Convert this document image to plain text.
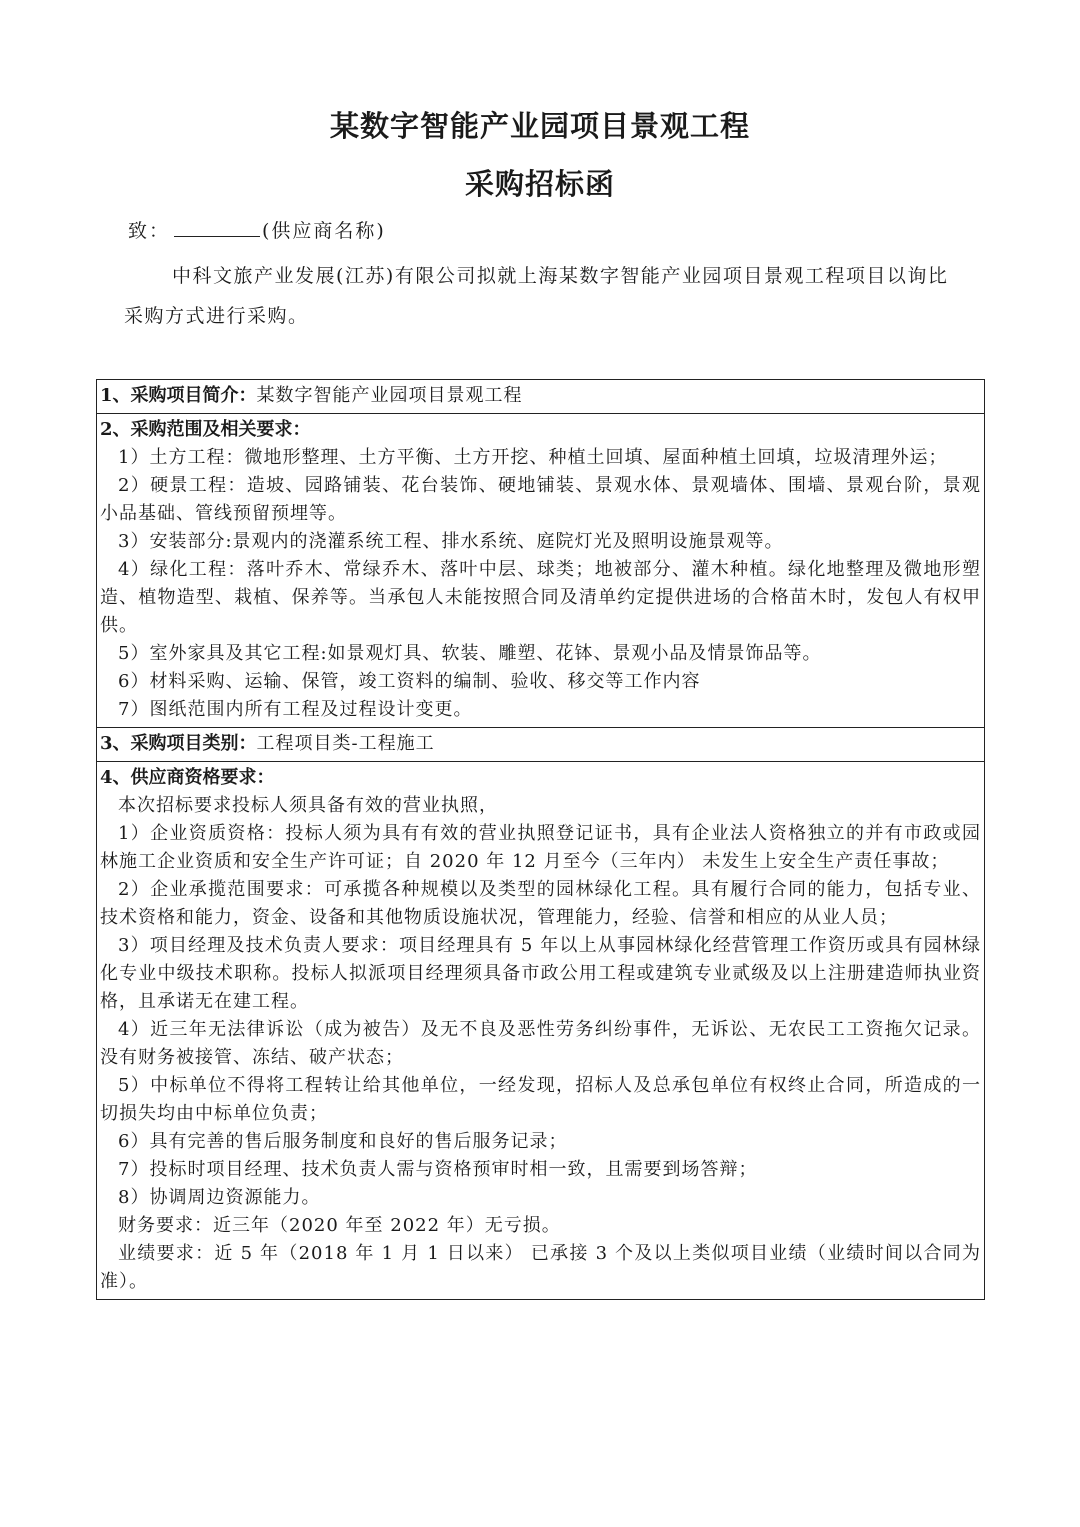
某数字智能产业园项目景观工程
采购招标函
致：	(供应商名称)

中科文旅产业发展(江苏)有限公司拟就上海某数字智能产业园项目景观工程项目以询比采购方式进行采购。

1、采购项目简介：某数字智能产业园项目景观工程
2、采购范围及相关要求：
1）土方工程：微地形整理、土方平衡、土方开挖、种植土回填、屋面种植土回填，垃圾清理外运；
2）硬景工程：造坡、园路铺装、花台装饰、硬地铺装、景观水体、景观墙体、围墙、景观台阶，景观小品基础、管线预留预埋等。
3）安装部分:景观内的浇灌系统工程、排水系统、庭院灯光及照明设施景观等。
4）绿化工程：落叶乔木、常绿乔木、落叶中层、球类；地被部分、灌木种植。绿化地整理及微地形塑造、植物造型、栽植、保养等。当承包人未能按照合同及清单约定提供进场的合格苗木时，发包人有权甲供。
5）室外家具及其它工程:如景观灯具、软装、雕塑、花钵、景观小品及情景饰品等。
6）材料采购、运输、保管，竣工资料的编制、验收、移交等工作内容
7）图纸范围内所有工程及过程设计变更。
3、采购项目类别：工程项目类-工程施工
4、供应商资格要求：
本次招标要求投标人须具备有效的营业执照，
1）企业资质资格：投标人须为具有有效的营业执照登记证书，具有企业法人资格独立的并有市政或园林施工企业资质和安全生产许可证；自 2020 年 12 月至今（三年内） 未发生上安全生产责任事故；
2）企业承揽范围要求：可承揽各种规模以及类型的园林绿化工程。具有履行合同的能力，包括专业、技术资格和能力，资金、设备和其他物质设施状况，管理能力，经验、信誉和相应的从业人员；
3）项目经理及技术负责人要求：项目经理具有 5 年以上从事园林绿化经营管理工作资历或具有园林绿化专业中级技术职称。投标人拟派项目经理须具备市政公用工程或建筑专业贰级及以上注册建造师执业资格，且承诺无在建工程。
4）近三年无法律诉讼（成为被告）及无不良及恶性劳务纠纷事件，无诉讼、无农民工工资拖欠记录。没有财务被接管、冻结、破产状态；
5）中标单位不得将工程转让给其他单位，一经发现，招标人及总承包单位有权终止合同，所造成的一切损失均由中标单位负责；
6）具有完善的售后服务制度和良好的售后服务记录；
7）投标时项目经理、技术负责人需与资格预审时相一致，且需要到场答辩；
8）协调周边资源能力。
财务要求：近三年（2020 年至 2022 年）无亏损。
业绩要求：近 5 年（2018 年 1 月 1 日以来） 已承接 3 个及以上类似项目业绩（业绩时间以合同为准）。
